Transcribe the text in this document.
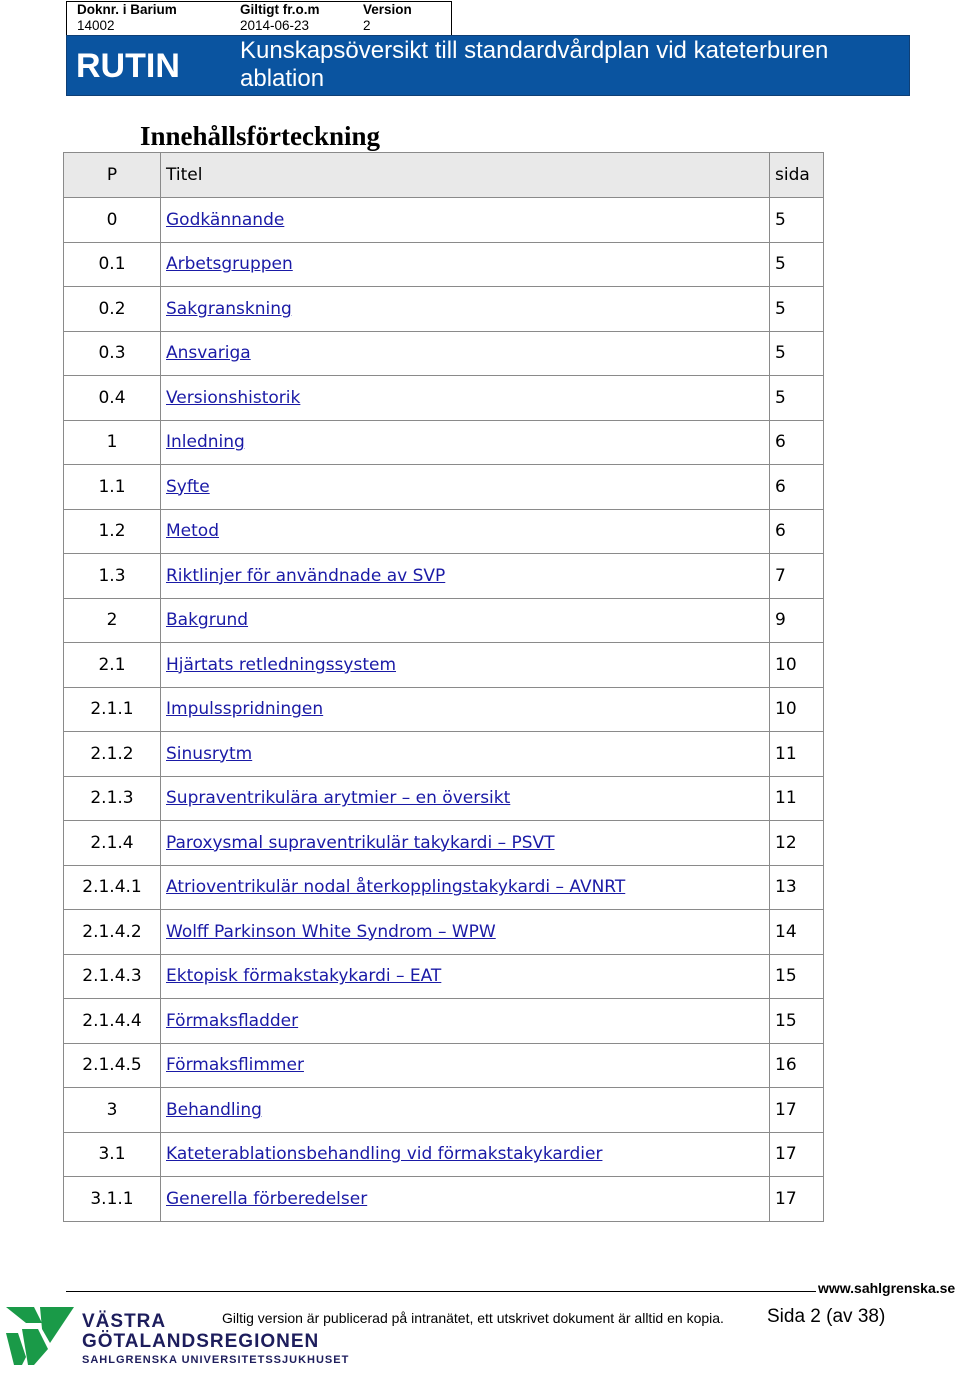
Doknr. i Barium
14002
Giltigt fr.o.m
2014-06-23
Version
2
RUTIN	Kunskapsöversikt till standardvårdplan vid kateterburen ablation
Innehållsförteckning
P	Titel	sida
0	Godkännande	5
0.1	Arbetsgruppen	5
0.2	Sakgranskning	5
0.3	Ansvariga	5
0.4	Versionshistorik	5
1	Inledning	6
1.1	Syfte	6
1.2	Metod	6
1.3	Riktlinjer för användnade av SVP	7
2	Bakgrund	9
2.1	Hjärtats retledningssystem	10
2.1.1	Impulsspridningen	10
2.1.2	Sinusrytm	11
2.1.3	Supraventrikulära arytmier – en översikt	11
2.1.4	Paroxysmal supraventrikulär takykardi – PSVT	12
2.1.4.1	Atrioventrikulär nodal återkopplingstakykardi – AVNRT	13
2.1.4.2	Wolff Parkinson White Syndrom – WPW	14
2.1.4.3	Ektopisk förmakstakykardi – EAT	15
2.1.4.4	Förmaksfladder	15
2.1.4.5	Förmaksflimmer	16
3	Behandling	17
3.1	Kateterablationsbehandling vid förmakstakykardier	17
3.1.1	Generella förberedelser	17
www.sahlgrenska.se
VÄSTRA
GÖTALANDSREGIONEN
SAHLGRENSKA UNIVERSITETSSJUKHUSET
Giltig version är publicerad på intranätet, ett utskrivet dokument är alltid en kopia. Sida 2 (av 38)
